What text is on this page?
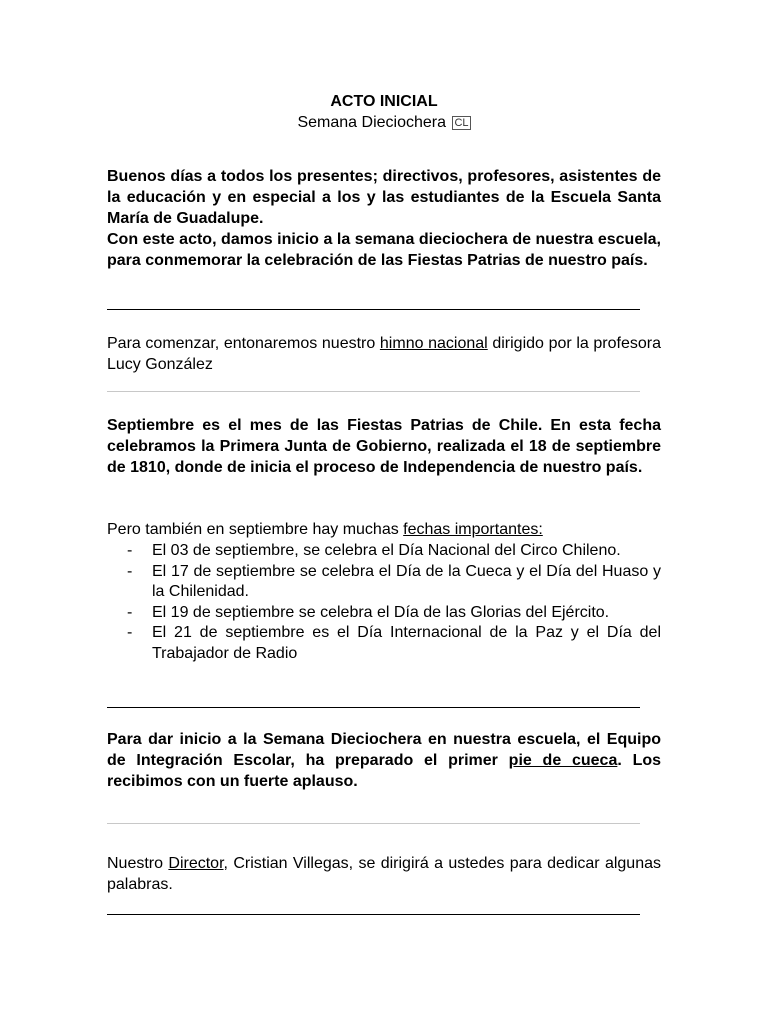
ACTO INICIAL
Semana Dieciochera CL

Buenos días a todos los presentes; directivos, profesores, asistentes de la educación y en especial a los y las estudiantes de la Escuela Santa María de Guadalupe.
Con este acto, damos inicio a la semana dieciochera de nuestra escuela, para conmemorar la celebración de las Fiestas Patrias de nuestro país.

Para comenzar, entonaremos nuestro himno nacional dirigido por la profesora Lucy González

Septiembre es el mes de las Fiestas Patrias de Chile. En esta fecha celebramos la Primera Junta de Gobierno, realizada el 18 de septiembre de 1810, donde de inicia el proceso de Independencia de nuestro país.

Pero también en septiembre hay muchas fechas importantes:

- El 03 de septiembre, se celebra el Día Nacional del Circo Chileno.
- El 17 de septiembre se celebra el Día de la Cueca y el Día del Huaso y la Chilenidad.
- El 19 de septiembre se celebra el Día de las Glorias del Ejército.
- El 21 de septiembre es el Día Internacional de la Paz y el Día del Trabajador de Radio

Para dar inicio a la Semana Dieciochera en nuestra escuela, el Equipo de Integración Escolar, ha preparado el primer pie de cueca. Los recibimos con un fuerte aplauso.

Nuestro Director, Cristian Villegas, se dirigirá a ustedes para dedicar algunas palabras.
